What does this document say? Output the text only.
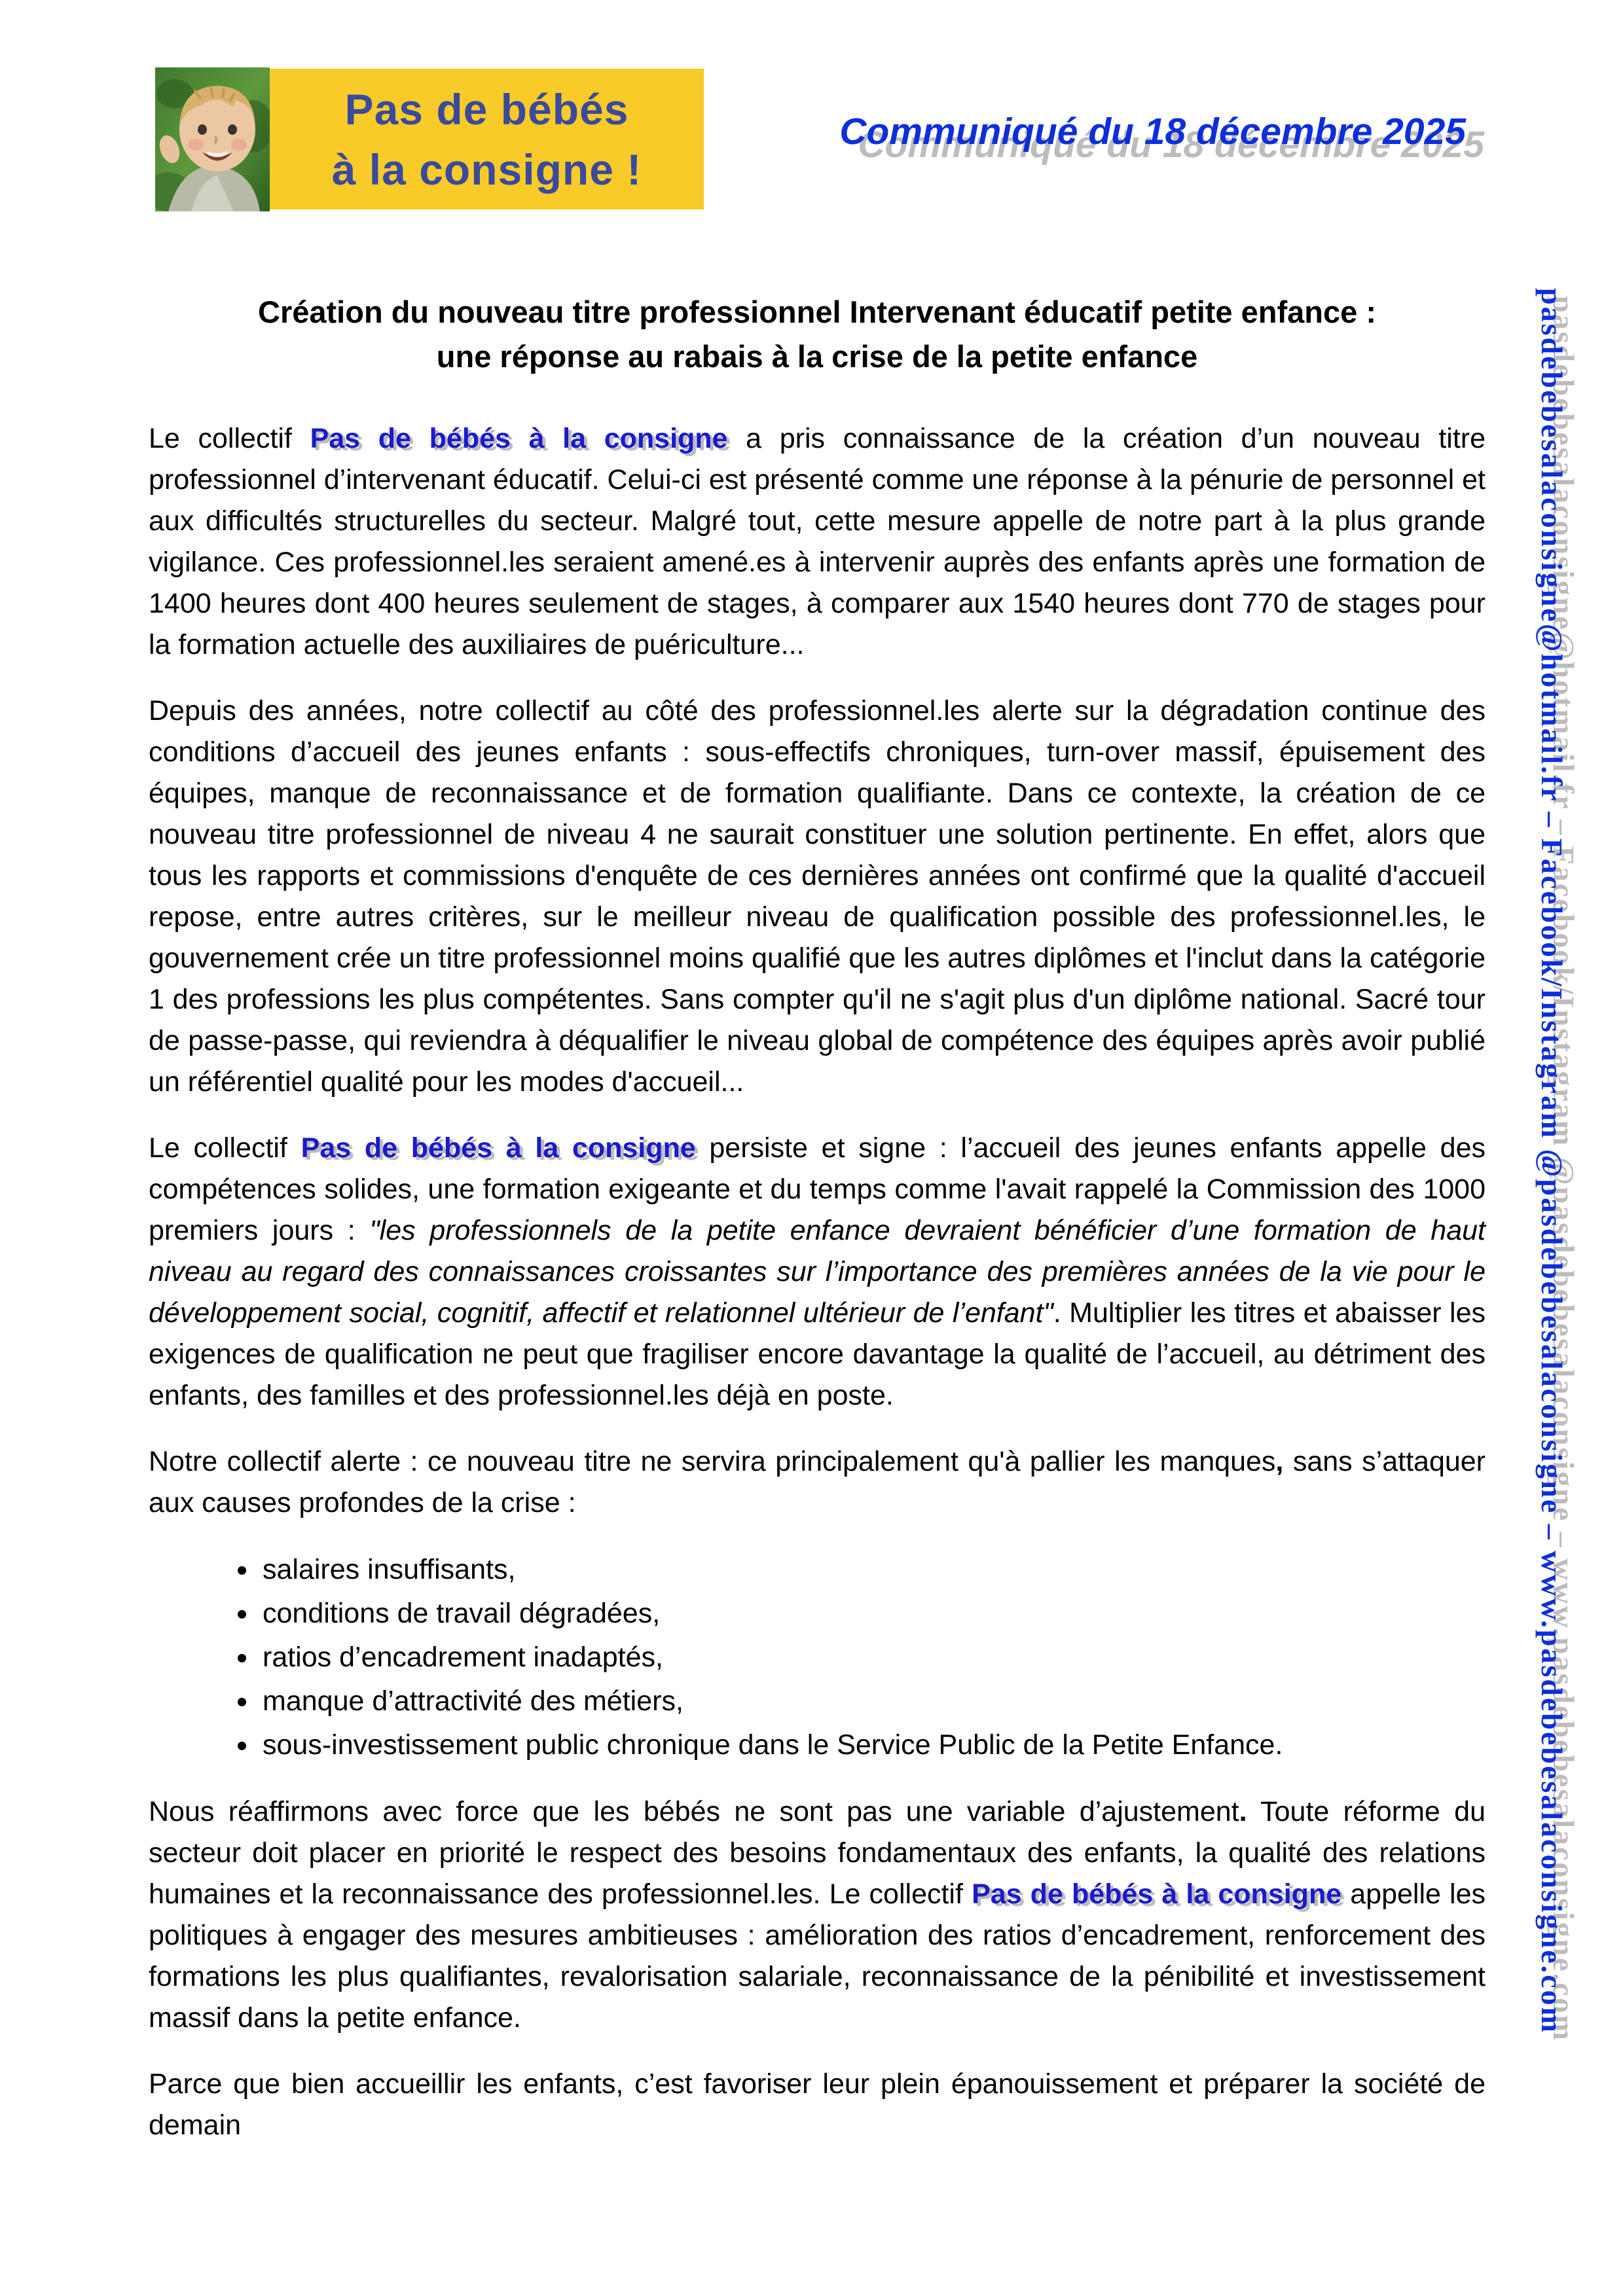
Pas de bébés
à la consigne !
Communiqué du 18 décembre 2025
Création du nouveau titre professionnel Intervenant éducatif petite enfance :
une réponse au rabais à la crise de la petite enfance

Le collectif Pas de bébés à la consigne a pris connaissance de la création d’un nouveau titre professionnel d’intervenant éducatif. Celui-ci est présenté comme une réponse à la pénurie de personnel et aux difficultés structurelles du secteur. Malgré tout, cette mesure appelle de notre part à la plus grande vigilance. Ces professionnel.les seraient amené.es à intervenir auprès des enfants après une formation de 1400 heures dont 400 heures seulement de stages, à comparer aux 1540 heures dont 770 de stages pour la formation actuelle des auxiliaires de puériculture...

Depuis des années, notre collectif au côté des professionnel.les alerte sur la dégradation continue des conditions d’accueil des jeunes enfants : sous-effectifs chroniques, turn-over massif, épuisement des équipes, manque de reconnaissance et de formation qualifiante. Dans ce contexte, la création de ce nouveau titre professionnel de niveau 4 ne saurait constituer une solution pertinente. En effet, alors que tous les rapports et commissions d'enquête de ces dernières années ont confirmé que la qualité d'accueil repose, entre autres critères, sur le meilleur niveau de qualification possible des professionnel.les, le gouvernement crée un titre professionnel moins qualifié que les autres diplômes et l'inclut dans la catégorie 1 des professions les plus compétentes. Sans compter qu'il ne s'agit plus d'un diplôme national. Sacré tour de passe-passe, qui reviendra à déqualifier le niveau global de compétence des équipes après avoir publié un référentiel qualité pour les modes d'accueil...

Le collectif Pas de bébés à la consigne persiste et signe : l’accueil des jeunes enfants appelle des compétences solides, une formation exigeante et du temps comme l'avait rappelé la Commission des 1000 premiers jours : "les professionnels de la petite enfance devraient bénéficier d’une formation de haut niveau au regard des connaissances croissantes sur l’importance des premières années de la vie pour le développement social, cognitif, affectif et relationnel ultérieur de l’enfant". Multiplier les titres et abaisser les exigences de qualification ne peut que fragiliser encore davantage la qualité de l’accueil, au détriment des enfants, des familles et des professionnel.les déjà en poste.

Notre collectif alerte : ce nouveau titre ne servira principalement qu'à pallier les manques, sans s’attaquer aux causes profondes de la crise :

• salaires insuffisants,
• conditions de travail dégradées,
• ratios d’encadrement inadaptés,
• manque d’attractivité des métiers,
• sous-investissement public chronique dans le Service Public de la Petite Enfance.

Nous réaffirmons avec force que les bébés ne sont pas une variable d’ajustement. Toute réforme du secteur doit placer en priorité le respect des besoins fondamentaux des enfants, la qualité des relations humaines et la reconnaissance des professionnel.les. Le collectif Pas de bébés à la consigne appelle les politiques à engager des mesures ambitieuses : amélioration des ratios d’encadrement, renforcement des formations les plus qualifiantes, revalorisation salariale, reconnaissance de la pénibilité et investissement massif dans la petite enfance.

Parce que bien accueillir les enfants, c’est favoriser leur plein épanouissement et préparer la société de demain

pasdebebesalaconsigne@hotmail.fr – Facebook/Instagram @pasdebebesalaconsigne – www.pasdebebesalaconsigne.com
